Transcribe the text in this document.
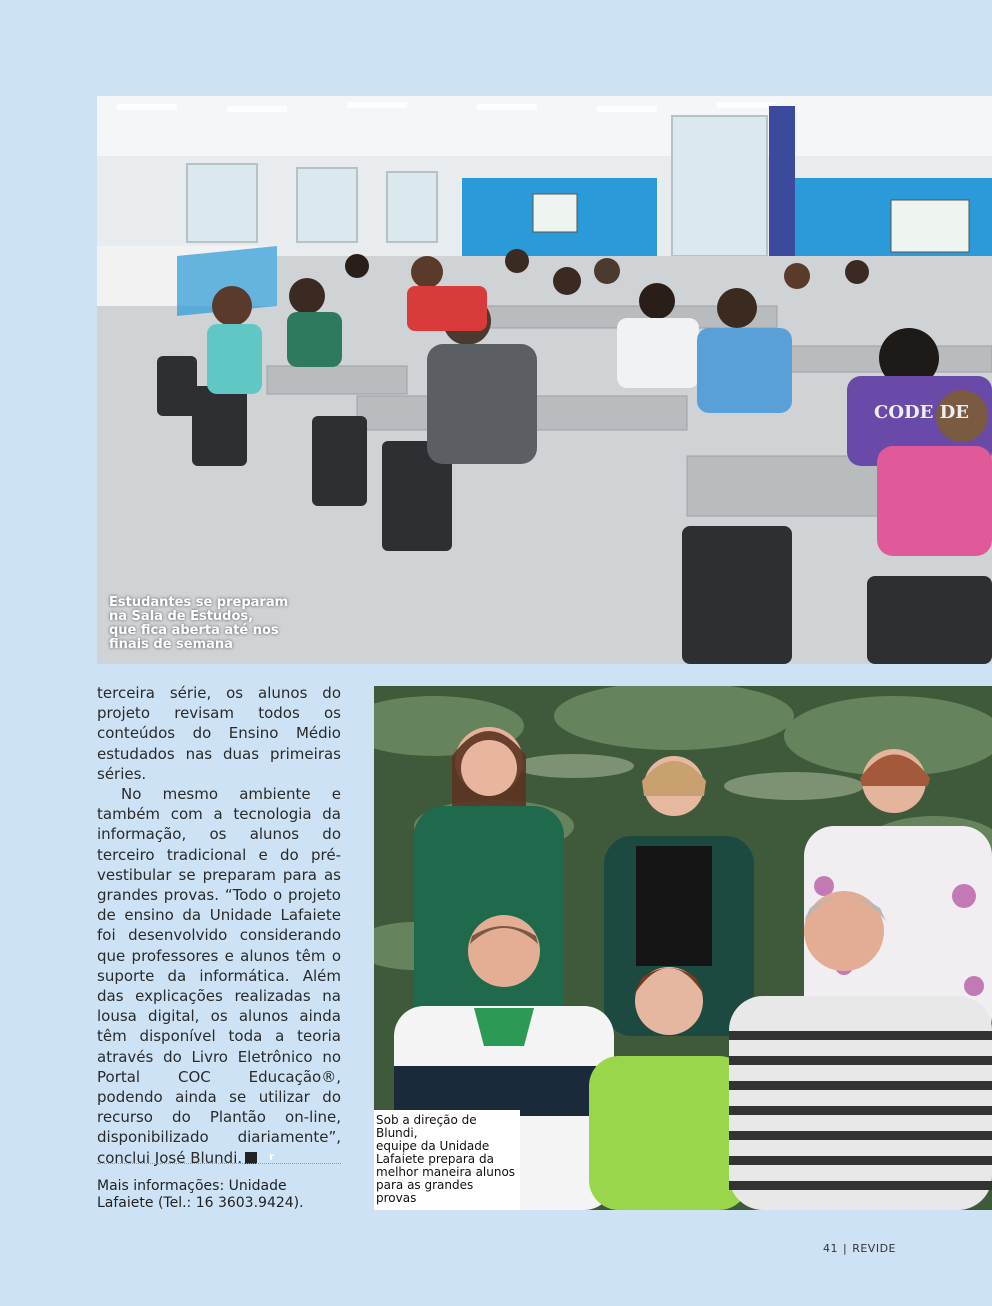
CODE DE
Estudantes se preparam
na Sala de Estudos,
que fica aberta até nos
finais de semana

terceira série, os alunos do projeto revisam todos os conteúdos do Ensino Médio estudados nas duas primeiras séries.

No mesmo ambiente e também com a tecnologia da informação, os alunos do terceiro tradicional e do pré-vestibular se preparam para as grandes provas. “Todo o projeto de ensino da Unidade Lafaiete foi desenvolvido considerando que professores e alunos têm o suporte da informática. Além das explicações realizadas na lousa digital, os alunos ainda têm disponível toda a teoria através do Livro Eletrônico no Portal COC Educação®, podendo ainda se utilizar do recurso do Plantão on-line, disponibilizado diariamente”, conclui José Blundi.	r

Mais informações: Unidade Lafaiete (Tel.: 16 3603.9424).
Sob a direção de Blundi,
equipe da Unidade
Lafaiete prepara da
melhor maneira alunos
para as grandes provas
41 | REVIDE
